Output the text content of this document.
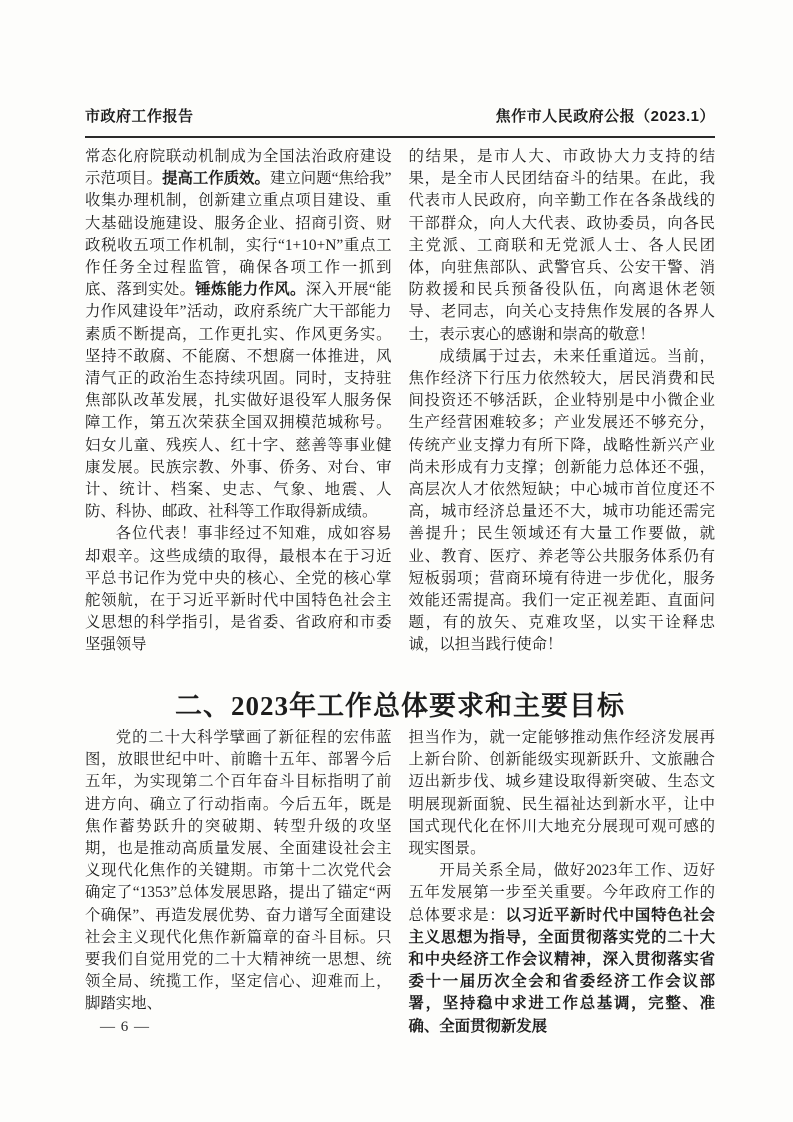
市政府工作报告	焦作市人民政府公报（2023.1）

常态化府院联动机制成为全国法治政府建设示范项目。提高工作质效。建立问题“焦给我”收集办理机制，创新建立重点项目建设、重大基础设施建设、服务企业、招商引资、财政税收五项工作机制，实行“1+10+N”重点工作任务全过程监管，确保各项工作一抓到底、落到实处。锤炼能力作风。深入开展“能力作风建设年”活动，政府系统广大干部能力素质不断提高，工作更扎实、作风更务实。坚持不敢腐、不能腐、不想腐一体推进，风清气正的政治生态持续巩固。同时，支持驻焦部队改革发展，扎实做好退役军人服务保障工作，第五次荣获全国双拥模范城称号。妇女儿童、残疾人、红十字、慈善等事业健康发展。民族宗教、外事、侨务、对台、审计、统计、档案、史志、气象、地震、人防、科协、邮政、社科等工作取得新成绩。

各位代表！事非经过不知难，成如容易却艰辛。这些成绩的取得，最根本在于习近平总书记作为党中央的核心、全党的核心掌舵领航，在于习近平新时代中国特色社会主义思想的科学指引，是省委、省政府和市委坚强领导

的结果，是市人大、市政协大力支持的结果，是全市人民团结奋斗的结果。在此，我代表市人民政府，向辛勤工作在各条战线的干部群众，向人大代表、政协委员，向各民主党派、工商联和无党派人士、各人民团体，向驻焦部队、武警官兵、公安干警、消防救援和民兵预备役队伍，向离退休老领导、老同志，向关心支持焦作发展的各界人士，表示衷心的感谢和崇高的敬意！

成绩属于过去，未来任重道远。当前，焦作经济下行压力依然较大，居民消费和民间投资还不够活跃，企业特别是中小微企业生产经营困难较多；产业发展还不够充分，传统产业支撑力有所下降，战略性新兴产业尚未形成有力支撑；创新能力总体还不强，高层次人才依然短缺；中心城市首位度还不高，城市经济总量还不大，城市功能还需完善提升；民生领域还有大量工作要做，就业、教育、医疗、养老等公共服务体系仍有短板弱项；营商环境有待进一步优化，服务效能还需提高。我们一定正视差距、直面问题，有的放矢、克难攻坚，以实干诠释忠诚，以担当践行使命！

二、2023年工作总体要求和主要目标

党的二十大科学擘画了新征程的宏伟蓝图，放眼世纪中叶、前瞻十五年、部署今后五年，为实现第二个百年奋斗目标指明了前进方向、确立了行动指南。今后五年，既是焦作蓄势跃升的突破期、转型升级的攻坚期，也是推动高质量发展、全面建设社会主义现代化焦作的关键期。市第十二次党代会确定了“1353”总体发展思路，提出了锚定“两个确保”、再造发展优势、奋力谱写全面建设社会主义现代化焦作新篇章的奋斗目标。只要我们自觉用党的二十大精神统一思想、统领全局、统揽工作，坚定信心、迎难而上，脚踏实地、

担当作为，就一定能够推动焦作经济发展再上新台阶、创新能级实现新跃升、文旅融合迈出新步伐、城乡建设取得新突破、生态文明展现新面貌、民生福祉达到新水平，让中国式现代化在怀川大地充分展现可观可感的现实图景。

开局关系全局，做好2023年工作、迈好五年发展第一步至关重要。今年政府工作的总体要求是：以习近平新时代中国特色社会主义思想为指导，全面贯彻落实党的二十大和中央经济工作会议精神，深入贯彻落实省委十一届历次全会和省委经济工作会议部署，坚持稳中求进工作总基调，完整、准确、全面贯彻新发展

— 6 —
